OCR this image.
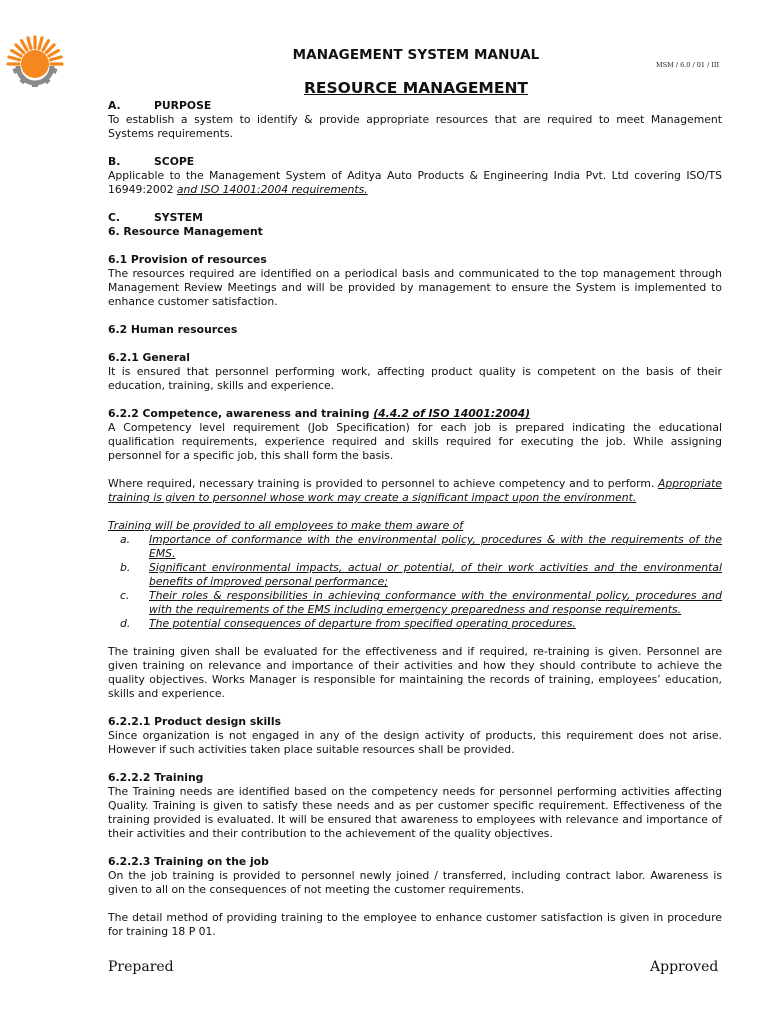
MANAGEMENT SYSTEM MANUAL
MSM / 6.0 / 01 / III
RESOURCE MANAGEMENT
A.	PURPOSE

To establish a system to identify & provide appropriate resources that are required to meet Management Systems requirements.

B.	SCOPE

Applicable to the Management System of Aditya Auto Products & Engineering India Pvt. Ltd covering ISO/TS 16949:2002 and ISO 14001:2004 requirements.

C.	SYSTEM
6. Resource Management
6.1 Provision of resources

The resources required are identified on a periodical basis and communicated to the top management through Management Review Meetings and will be provided by management to ensure the System is implemented to enhance customer satisfaction.

6.2 Human resources
6.2.1 General

It is ensured that personnel performing work, affecting product quality is competent on the basis of their education, training, skills and experience.

6.2.2 Competence, awareness and training (4.4.2 of ISO 14001:2004)

A Competency level requirement (Job Specification) for each job is prepared indicating the educational qualification requirements, experience required and skills required for executing the job. While assigning personnel for a specific job, this shall form the basis.

Where required, necessary training is provided to personnel to achieve competency and to perform. Appropriate training is given to personnel whose work may create a significant impact upon the environment.

Training will be provided to all employees to make them aware of

a. Importance of conformance with the environmental policy, procedures & with the requirements of the EMS.
b. Significant environmental impacts, actual or potential, of their work activities and the environmental benefits of improved personal performance;
c. Their roles & responsibilities in achieving conformance with the environmental policy, procedures and with the requirements of the EMS including emergency preparedness and response requirements.
d. The potential consequences of departure from specified operating procedures.

The training given shall be evaluated for the effectiveness and if required, re-training is given. Personnel are given training on relevance and importance of their activities and how they should contribute to achieve the quality objectives. Works Manager is responsible for maintaining the records of training, employees’ education, skills and experience.

6.2.2.1 Product design skills

Since organization is not engaged in any of the design activity of products, this requirement does not arise. However if such activities taken place suitable resources shall be provided.

6.2.2.2 Training

The Training needs are identified based on the competency needs for personnel performing activities affecting Quality. Training is given to satisfy these needs and as per customer specific requirement. Effectiveness of the training provided is evaluated. It will be ensured that awareness to employees with relevance and importance of their activities and their contribution to the achievement of the quality objectives.

6.2.2.3 Training on the job

On the job training is provided to personnel newly joined / transferred, including contract labor. Awareness is given to all on the consequences of not meeting the customer requirements.

The detail method of providing training to the employee to enhance customer satisfaction is given in procedure for training 18 P 01.

Prepared	Approved
